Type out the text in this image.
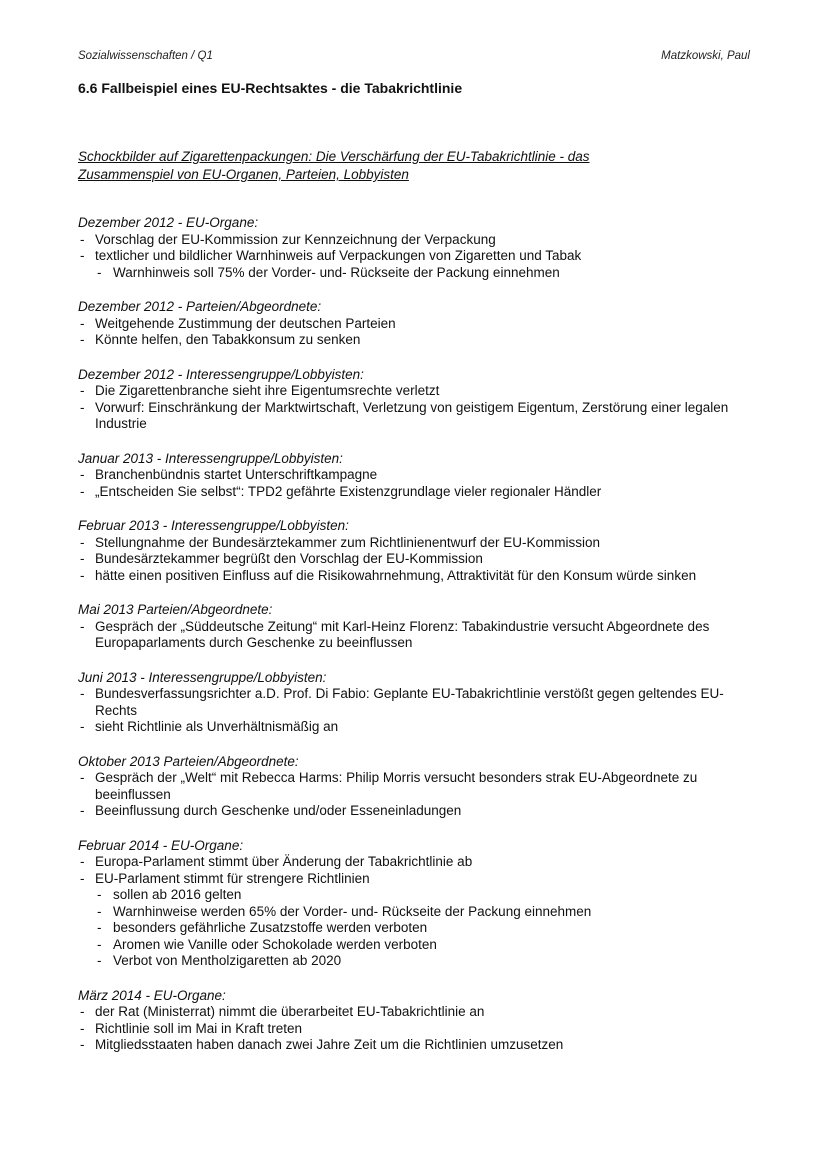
Sozialwissenschaften / Q1	Matzkowski, Paul
6.6 Fallbeispiel eines EU-Rechtsaktes - die Tabakrichtlinie

Schockbilder auf Zigarettenpackungen: Die Verschärfung der EU-Tabakrichtlinie - das
Zusammenspiel von EU-Organen, Parteien, Lobbyisten

Dezember 2012 - EU-Organe:
- Vorschlag der EU-Kommission zur Kennzeichnung der Verpackung
- textlicher und bildlicher Warnhinweis auf Verpackungen von Zigaretten und Tabak
- Warnhinweis soll 75% der Vorder- und- Rückseite der Packung einnehmen
Dezember 2012 - Parteien/Abgeordnete:
- Weitgehende Zustimmung der deutschen Parteien
- Könnte helfen, den Tabakkonsum zu senken
Dezember 2012 - Interessengruppe/Lobbyisten:
- Die Zigarettenbranche sieht ihre Eigentumsrechte verletzt
- Vorwurf: Einschränkung der Marktwirtschaft, Verletzung von geistigem Eigentum, Zerstörung einer legalen Industrie
Januar 2013 - Interessengruppe/Lobbyisten:
- Branchenbündnis startet Unterschriftkampagne
- „Entscheiden Sie selbst“: TPD2 gefährte Existenzgrundlage vieler regionaler Händler
Februar 2013 - Interessengruppe/Lobbyisten:
- Stellungnahme der Bundesärztekammer zum Richtlinienentwurf der EU-Kommission
- Bundesärztekammer begrüßt den Vorschlag der EU-Kommission
- hätte einen positiven Einfluss auf die Risikowahrnehmung, Attraktivität für den Konsum würde sinken
Mai 2013 Parteien/Abgeordnete:
- Gespräch der „Süddeutsche Zeitung“ mit Karl-Heinz Florenz: Tabakindustrie versucht Abgeordnete des Europaparlaments durch Geschenke zu beeinflussen
Juni 2013 - Interessengruppe/Lobbyisten:
- Bundesverfassungsrichter a.D. Prof. Di Fabio: Geplante EU-Tabakrichtlinie verstößt gegen geltendes EU-Rechts
- sieht Richtlinie als Unverhältnismäßig an
Oktober 2013 Parteien/Abgeordnete:
- Gespräch der „Welt“ mit Rebecca Harms: Philip Morris versucht besonders strak EU-Abgeordnete zu beeinflussen
- Beeinflussung durch Geschenke und/oder Esseneinladungen
Februar 2014 - EU-Organe:
- Europa-Parlament stimmt über Änderung der Tabakrichtlinie ab
- EU-Parlament stimmt für strengere Richtlinien
- sollen ab 2016 gelten
- Warnhinweise werden 65% der Vorder- und- Rückseite der Packung einnehmen
- besonders gefährliche Zusatzstoffe werden verboten
- Aromen wie Vanille oder Schokolade werden verboten
- Verbot von Mentholzigaretten ab 2020
März 2014 - EU-Organe:
- der Rat (Ministerrat) nimmt die überarbeitet EU-Tabakrichtlinie an
- Richtlinie soll im Mai in Kraft treten
- Mitgliedsstaaten haben danach zwei Jahre Zeit um die Richtlinien umzusetzen
